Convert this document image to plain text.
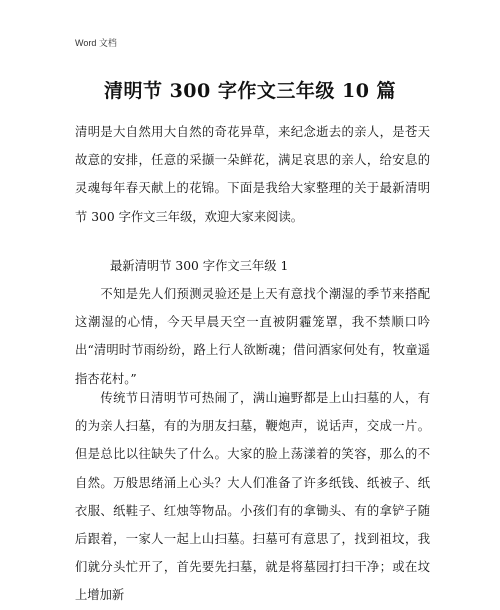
Word 文档
清明节 300 字作文三年级 10 篇

清明是大自然用大自然的奇花异草，来纪念逝去的亲人，是苍天故意的安排，任意的采撷一朵鲜花，满足哀思的亲人，给安息的灵魂每年春天献上的花锦。下面是我给大家整理的关于最新清明节 300 字作文三年级，欢迎大家来阅读。

最新清明节 300 字作文三年级 1

　　不知是先人们预测灵验还是上天有意找个潮湿的季节来搭配这潮湿的心情，今天早晨天空一直被阴霾笼罩，我不禁顺口吟出“清明时节雨纷纷，路上行人欲断魂；借问酒家何处有，牧童遥指杏花村。”

　　传统节日清明节可热闹了，满山遍野都是上山扫墓的人，有的为亲人扫墓，有的为朋友扫墓，鞭炮声，说话声，交成一片。但是总比以往缺失了什么。大家的脸上荡漾着的笑容，那么的不自然。万般思绪涌上心头？大人们准备了许多纸钱、纸被子、纸衣服、纸鞋子、红烛等物品。小孩们有的拿锄头、有的拿铲子随后跟着，一家人一起上山扫墓。扫墓可有意思了，找到祖坟，我们就分头忙开了，首先要先扫墓，就是将墓园打扫干净；或在坟上增加新
